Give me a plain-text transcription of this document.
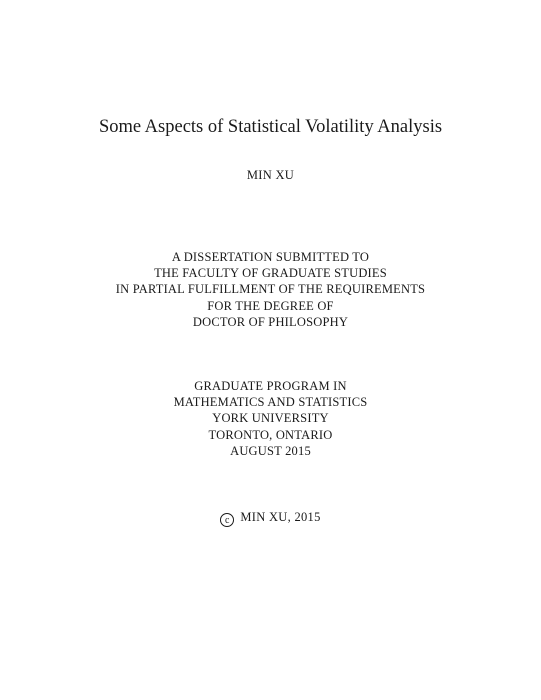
Some Aspects of Statistical Volatility Analysis
MIN XU
A DISSERTATION SUBMITTED TO
THE FACULTY OF GRADUATE STUDIES
IN PARTIAL FULFILLMENT OF THE REQUIREMENTS
FOR THE DEGREE OF
DOCTOR OF PHILOSOPHY
GRADUATE PROGRAM IN
MATHEMATICS AND STATISTICS
YORK UNIVERSITY
TORONTO, ONTARIO
AUGUST 2015
c MIN XU, 2015
